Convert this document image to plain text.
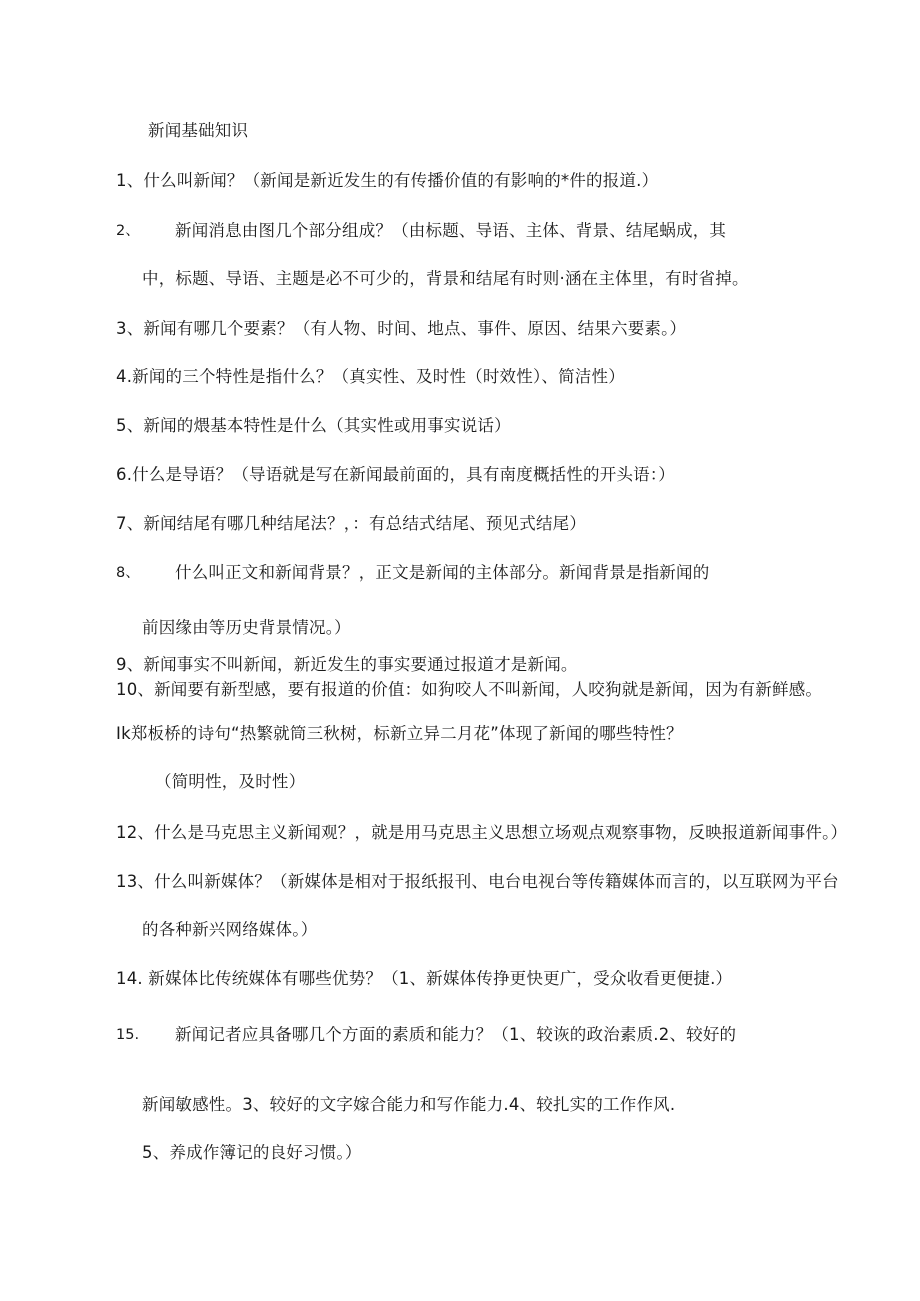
新闻基础知识
1、什么叫新闻？（新闻是新近发生的有传播价值的有影响的*件的报道.）
2、 新闻消息由图几个部分组成？（由标题、导语、主体、背景、结尾蜗成，其
中，标题、导语、主题是必不可少的，背景和结尾有时则·涵在主体里，有时省掉。
3、新闻有哪几个要素？（有人物、时间、地点、事件、原因、结果六要素。）
4.新闻的三个特性是指什么？（真实性、及时性（时效性）、简洁性）
5、新闻的煨基本特性是什么（其实性或用事实说话）
6.什么是导语？（导语就是写在新闻最前面的，具有南度概括性的开头语：）
7、新闻结尾有哪几种结尾法？，：有总结式结尾、预见式结尾）
8、 什么叫正文和新闻背景？，正文是新闻的主体部分。新闻背景是指新闻的
前因缘由等历史背景情况。）
9、新闻事实不叫新闻，新近发生的事实要通过报道才是新闻。
10、新闻要有新型感，要有报道的价值：如狗咬人不叫新闻，人咬狗就是新闻，因为有新鲜感。
Ik郑板桥的诗句“热繁就筒三秋树，标新立异二月花”体现了新闻的哪些特性？
（简明性，及时性）
12、什么是马克思主义新闻观？，就是用马克思主义思想立场观点观察事物，反映报道新闻事件。）
13、什么叫新媒体？（新媒体是相对于报纸报刊、电台电视台等传籍媒体而言的，以互联网为平台
的各种新兴网络媒体。）
14. 新媒体比传统媒体有哪些优势？（1、新媒体传挣更快更广，受众收看更便捷.）
15. 新闻记者应具备哪几个方面的素质和能力？（1、较诙的政治素质.2、较好的
新闻敏感性。3、较好的文字嫁合能力和写作能力.4、较扎实的工作作风.
5、养成作簿记的良好习惯。）
